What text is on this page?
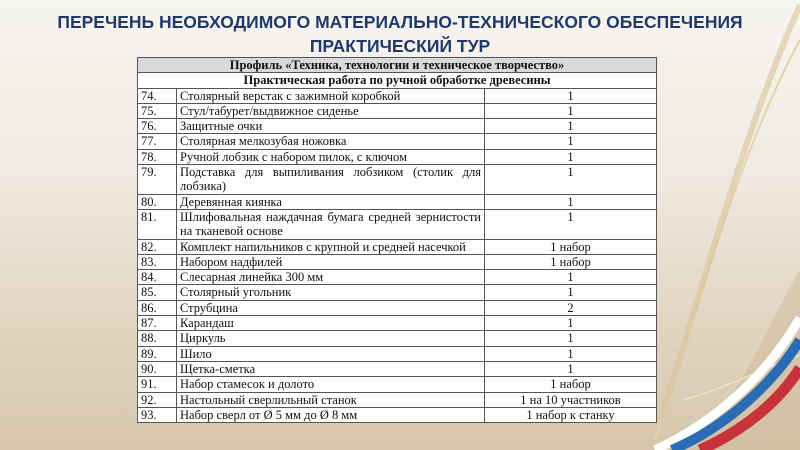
ПЕРЕЧЕНЬ НЕОБХОДИМОГО МАТЕРИАЛЬНО-ТЕХНИЧЕСКОГО ОБЕСПЕЧЕНИЯ
ПРАКТИЧЕСКИЙ ТУР
Профиль «Техника, технологии и техническое творчество»		
Практическая работа по ручной обработке древесины		
74.	Столярный верстак с зажимной коробкой	1
75.	Стул/табурет/выдвижное сиденье	1
76.	Защитные очки	1
77.	Столярная мелкозубая ножовка	1
78.	Ручной лобзик с набором пилок, с ключом	1
79.	Подставка для выпиливания лобзиком (столик для лобзика)	1
80.	Деревянная киянка	1
81.	Шлифовальная наждачная бумага средней зернистости на тканевой основе	1
82.	Комплект напильников с крупной и средней насечкой	1 набор
83.	Набором надфилей	1 набор
84.	Слесарная линейка 300 мм	1
85.	Столярный угольник	1
86.	Струбцина	2
87.	Карандаш	1
88.	Циркуль	1
89.	Шило	1
90.	Щетка-сметка	1
91.	Набор стамесок и долото	1 набор
92.	Настольный сверлильный станок	1 на 10 участников
93.	Набор сверл от Ø 5 мм до Ø 8 мм	1 набор к станку
